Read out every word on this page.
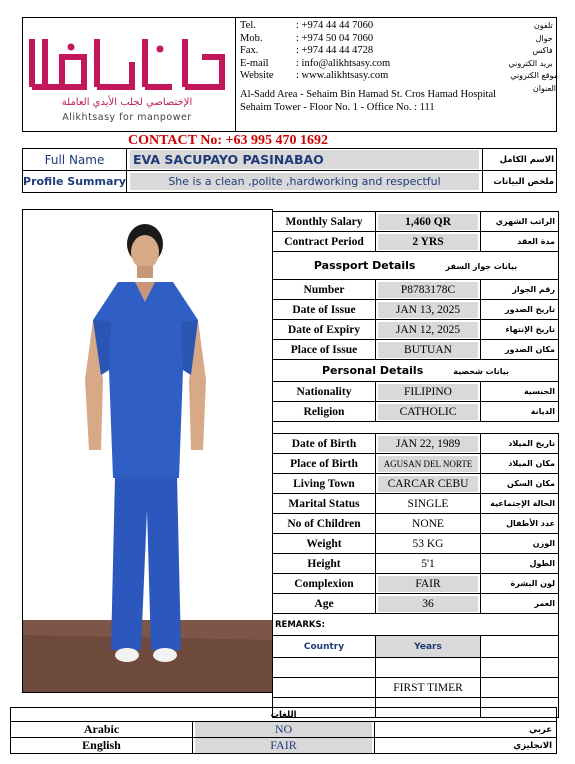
الإختصاصي لجلب الأيدي العاملة
Alikhtsasy for manpower
Tel.	: +974 44 44 7060	تلفون :
Mob.	: +974 50 04 7060	جوال :
Fax.	: +974 44 44 4728	فاكس :
E-mail	: info@alikhtsasy.com	بريد الكتروني :
Website : www.alikhtsasy.com	موقع الكتروني
Al-Sadd Area - Sehaim Bin Hamad St. Cros Hamad Hospital
العنوان
Sehaim Tower - Floor No. 1 - Office No. : 111
CONTACT No: +63 995 470 1692
Full Name	EVA SACUPAYO PASINABAO	الاسم الكامل
Profile Summary	She is a clean ,polite ,hardworking and respectful	ملخص البيانات
Monthly Salary	1,460 QR	الراتب الشهري
Contract Period	2 YRS	مدة العقد
Passport Details بيانات جواز السفر		
Number	P8783178C	رقم الجواز
Date of Issue	JAN 13, 2025	تاريخ الصدور
Date of Expiry	JAN 12, 2025	تاريخ الإنتهاء
Place of Issue	BUTUAN	مكان الصدور
Personal Details بيانات شخصية		
Nationality	FILIPINO	الجنسية
Religion	CATHOLIC	الديانة
Date of Birth	JAN 22, 1989	تاريخ الميلاد
Place of Birth	AGUSAN DEL NORTE	مكان الميلاد
Living Town	CARCAR CEBU	مكان السكن
Marital Status	SINGLE	الحالة الإجتماعية
No of Children	NONE	عدد الأطفال
Weight	53 KG	الوزن
Height	5'1	الطول
Complexion	FAIR	لون البشرة
Age	36	العمر
REMARKS:		
Country	Years	

	FIRST TIMER	

اللغات		
Arabic	NO	عربي
English	FAIR	الانجليزي
